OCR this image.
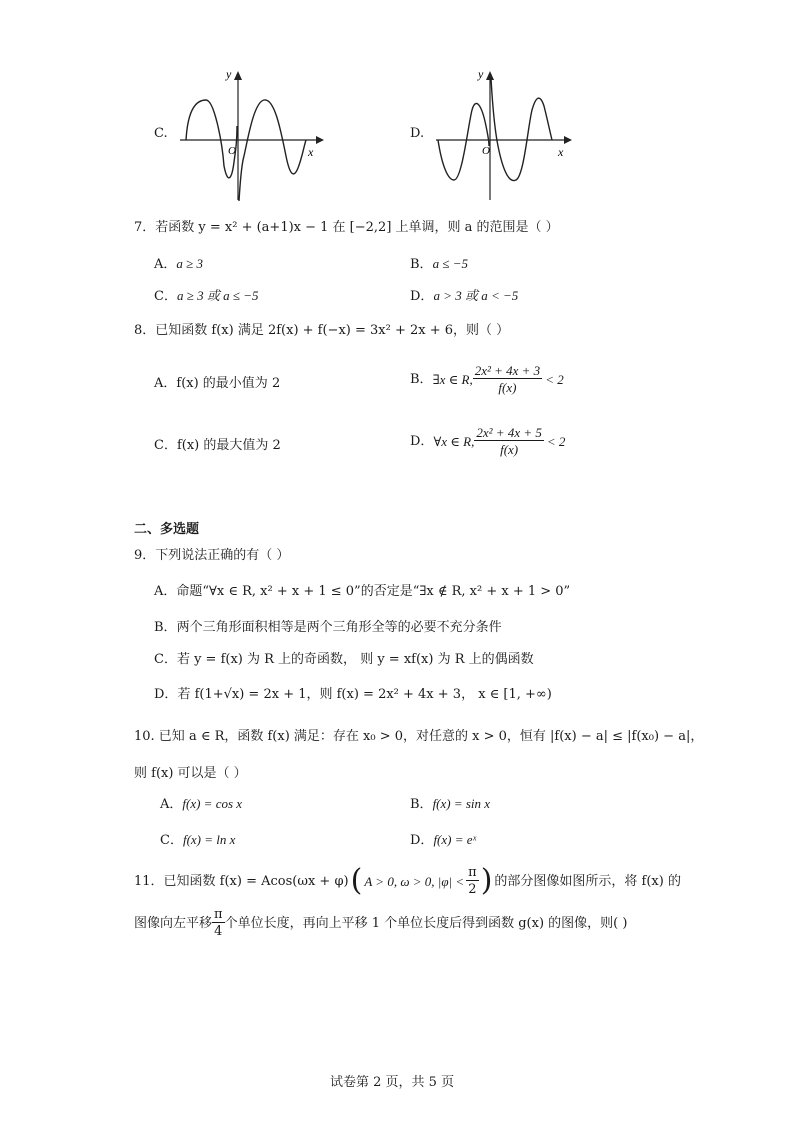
C.
y
x
O
D.
y
x
O
7．若函数 y = x² + (a+1)x − 1 在 [−2,2] 上单调，则 a 的范围是（ ）
A．a ≥ 3	B．a ≤ −5
C．a ≥ 3 或 a ≤ −5	D．a > 3 或 a < −5
8．已知函数 f(x) 满足 2f(x) + f(−x) = 3x² + 2x + 6，则（ ）
A．f(x) 的最小值为 2	B． ∃x ∈ R, $\frac{\text{2x² + 4x + 3}}{f(x)} < 2$
C．f(x) 的最大值为 2	D． ∀x ∈ R, $\frac{\text{2x² + 4x + 5}}{f(x)} < 2$
二、多选题
9．下列说法正确的有（ ）
A．命题“∀x ∈ R, x² + x + 1 ≤ 0”的否定是“∃x ∉ R, x² + x + 1 > 0”
B．两个三角形面积相等是两个三角形全等的必要不充分条件
C．若 y = f(x) 为 R 上的奇函数， 则 y = xf(x) 为 R 上的偶函数
D．若 f(1+√x) = 2x + 1，则 f(x) = 2x² + 4x + 3， x ∈ [1, +∞)
10. 已知 a ∈ R，函数 f(x) 满足：存在 x₀ > 0，对任意的 x > 0，恒有 |f(x) − a| ≤ |f(x₀) − a|，
则 f(x) 可以是（ ）
A．f(x) = cos x	B．f(x) = sin x
C．f(x) = ln x	D．f(x) = eˣ
11．已知函数 f(x) = Acos(ωx + φ) ( A > 0, ω > 0, $|\varphi| < \frac{\pi}{2}$ ) 的部分图像如图所示，将 f(x) 的
图像向左平移 $\frac{\pi}{4}$ 个单位长度，再向上平移 1 个单位长度后得到函数 g(x) 的图像，则( )
试卷第 2 页，共 5 页
